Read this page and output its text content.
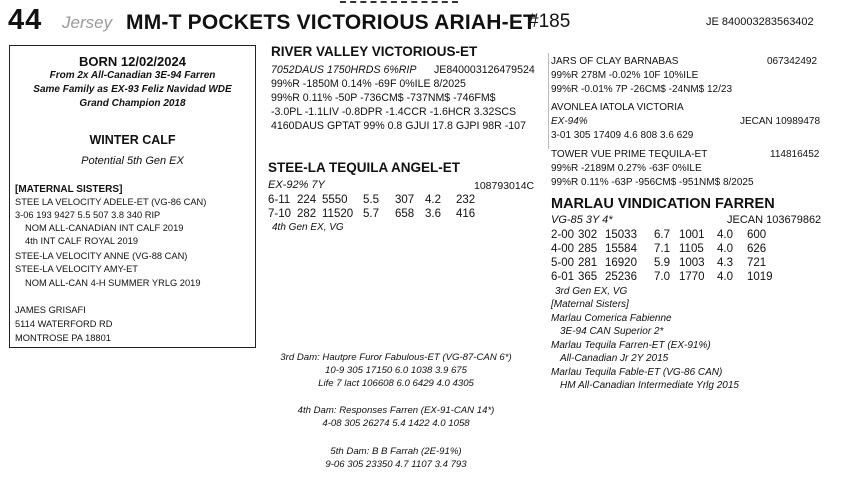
44 Jersey MM-T POCKETS VICTORIOUS ARIAH-ET
#185	JE 840003283563402
BORN 12/02/2024
From 2x All-Canadian 3E-94 Farren
Same Family as EX-93 Feliz Navidad WDE
Grand Champion 2018
WINTER CALF
Potential 5th Gen EX
[MATERNAL SISTERS]
STEE LA VELOCITY ADELE-ET (VG-86 CAN)
3-06 193 9427 5.5 507 3.8 340 RIP
NOM ALL-CANADIAN INT CALF 2019
4th INT CALF ROYAL 2019
STEE-LA VELOCITY ANNE (VG-88 CAN)
STEE-LA VELOCITY AMY-ET
NOM ALL-CAN 4-H SUMMER YRLG 2019
JAMES GRISAFI
5114 WATERFORD RD
MONTROSE PA 18801
RIVER VALLEY VICTORIOUS-ET
7052DAUS 1750HRDS 6%RIP JE840003126479524
99%R -1850M 0.14% -69F 0%ILE 8/2025
99%R 0.11% -50P -736CM$ -737NM$ -746FM$
-3.0PL -1.1LIV -0.8DPR -1.4CCR -1.6HCR 3.32SCS
4160DAUS GPTAT 99% 0.8 GJUI 17.8 GJPI 98R -107
STEE-LA TEQUILA ANGEL-ET
EX-92% 7Y	108793014C
6-11	224	5550	5.5	307	4.2	232
7-10	282	11520	5.7	658	3.6	416
4th Gen EX, VG
3rd Dam: Hautpre Furor Fabulous-ET (VG-87-CAN 6*)
10-9 305 17150 6.0 1038 3.9 675
Life 7 lact 106608 6.0 6429 4.0 4305
4th Dam: Responses Farren (EX-91-CAN 14*)
4-08 305 26274 5.4 1422 4.0 1058
5th Dam: B B Farrah (2E-91%)
9-06 305 23350 4.7 1107 3.4 793
JARS OF CLAY BARNABAS	067342492
99%R 278M -0.02% 10F 10%ILE
99%R -0.01% 7P -26CM$ -24NM$ 12/23
AVONLEA IATOLA VICTORIA
EX-94%	JECAN 10989478
3-01 305 17409 4.6 808 3.6 629
TOWER VUE PRIME TEQUILA-ET	114816452
99%R -2189M 0.27% -63F 0%ILE
99%R 0.11% -63P -956CM$ -951NM$ 8/2025
MARLAU VINDICATION FARREN
VG-85 3Y 4*	JECAN 103679862
2-00	302	15033	6.7	1001	4.0	600
4-00	285	15584	7.1	1105	4.0	626
5-00	281	16920	5.9	1003	4.3	721
6-01	365	25236	7.0	1770	4.0	1019
3rd Gen EX, VG
[Maternal Sisters]
Marlau Comerica Fabienne
3E-94 CAN Superior 2*
Marlau Tequila Farren-ET (EX-91%)
All-Canadian Jr 2Y 2015
Marlau Tequila Fable-ET (VG-86 CAN)
HM All-Canadian Intermediate Yrlg 2015
